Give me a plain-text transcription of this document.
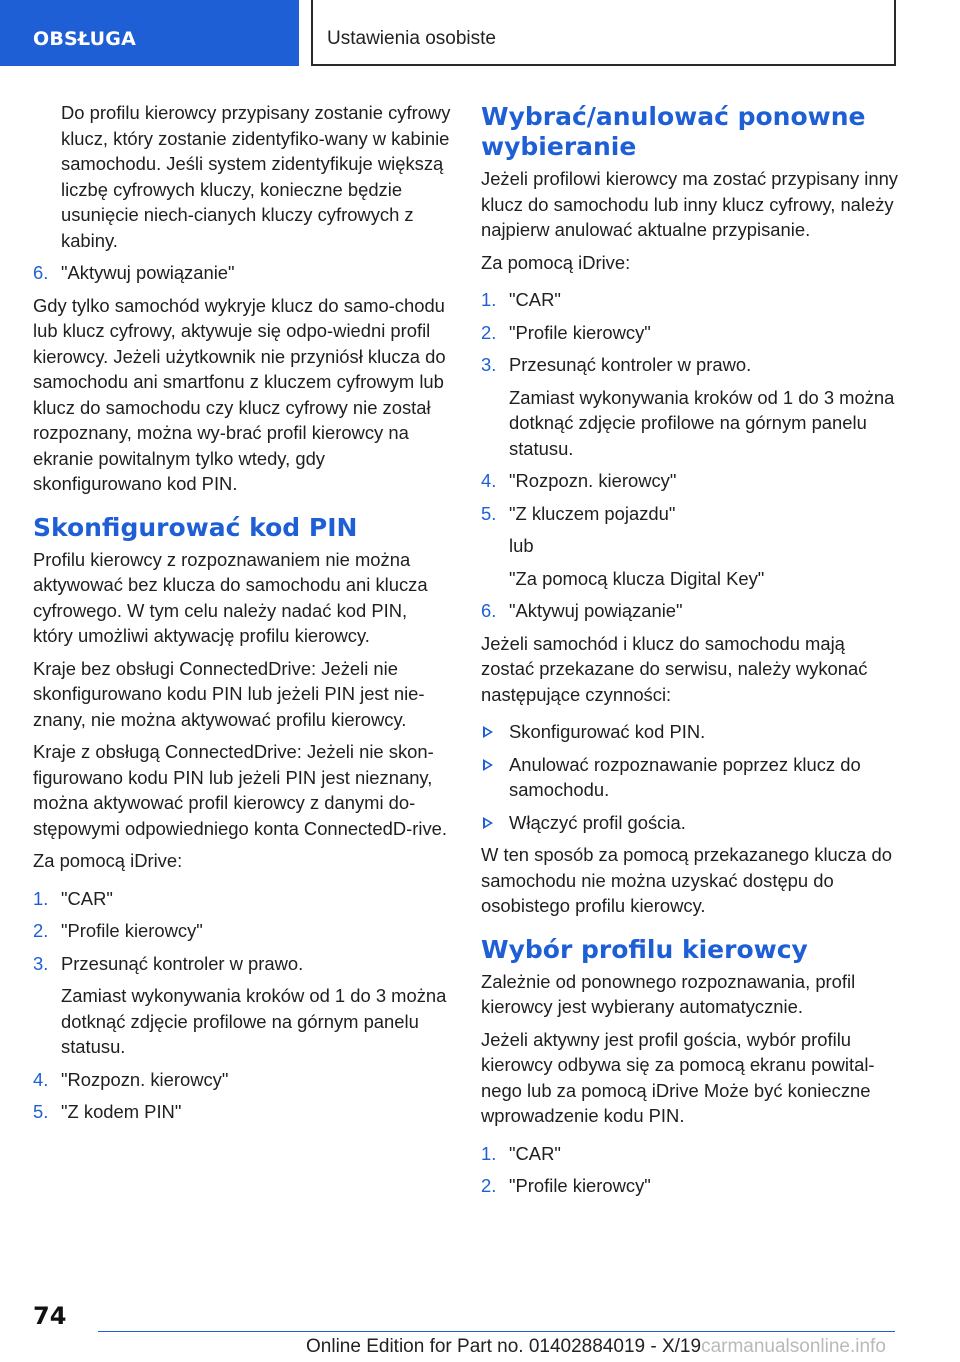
OBSŁUGA	Ustawienia osobiste
Do profilu kierowcy przypisany zostanie cyfrowy klucz, który zostanie zidentyfiko-wany w kabinie samochodu. Jeśli system zidentyfikuje większą liczbę cyfrowych kluczy, konieczne będzie usunięcie niech-cianych kluczy cyfrowych z kabiny.
6. "Aktywuj powiązanie"
Gdy tylko samochód wykryje klucz do samo-chodu lub klucz cyfrowy, aktywuje się odpo-wiedni profil kierowcy. Jeżeli użytkownik nie przyniósł klucza do samochodu ani smartfonu z kluczem cyfrowym lub klucz do samochodu czy klucz cyfrowy nie został rozpoznany, można wy-brać profil kierowcy na ekranie powitalnym tylko wtedy, gdy skonfigurowano kod PIN.
Skonfigurować kod PIN
Profilu kierowcy z rozpoznawaniem nie można aktywować bez klucza do samochodu ani klucza cyfrowego. W tym celu należy nadać kod PIN, który umożliwi aktywację profilu kierowcy.
Kraje bez obsługi ConnectedDrive: Jeżeli nie skonfigurowano kodu PIN lub jeżeli PIN jest nie-znany, nie można aktywować profilu kierowcy.
Kraje z obsługą ConnectedDrive: Jeżeli nie skon-figurowano kodu PIN lub jeżeli PIN jest nieznany, można aktywować profil kierowcy z danymi do-stępowymi odpowiedniego konta ConnectedD-rive.
Za pomocą iDrive:
1. "CAR"
2. "Profile kierowcy"
3. Przesunąć kontroler w prawo.
Zamiast wykonywania kroków od 1 do 3 można dotknąć zdjęcie profilowe na górnym panelu statusu.
4. "Rozpozn. kierowcy"
5. "Z kodem PIN"
Wybrać/anulować ponowne wybieranie
Jeżeli profilowi kierowcy ma zostać przypisany inny klucz do samochodu lub inny klucz cyfrowy, należy najpierw anulować aktualne przypisanie.
Za pomocą iDrive:
1. "CAR"
2. "Profile kierowcy"
3. Przesunąć kontroler w prawo.
Zamiast wykonywania kroków od 1 do 3 można dotknąć zdjęcie profilowe na górnym panelu statusu.
4. "Rozpozn. kierowcy"
5. "Z kluczem pojazdu"
lub
"Za pomocą klucza Digital Key"
6. "Aktywuj powiązanie"
Jeżeli samochód i klucz do samochodu mają zostać przekazane do serwisu, należy wykonać następujące czynności:
Skonfigurować kod PIN.
Anulować rozpoznawanie poprzez klucz do samochodu.
Włączyć profil gościa.
W ten sposób za pomocą przekazanego klucza do samochodu nie można uzyskać dostępu do osobistego profilu kierowcy.
Wybór profilu kierowcy
Zależnie od ponownego rozpoznawania, profil kierowcy jest wybierany automatycznie.
Jeżeli aktywny jest profil gościa, wybór profilu kierowcy odbywa się za pomocą ekranu powital-nego lub za pomocą iDrive Może być konieczne wprowadzenie kodu PIN.
1. "CAR"
2. "Profile kierowcy"
74
Online Edition for Part no. 01402884019 - X/19carmanualsonline.info
